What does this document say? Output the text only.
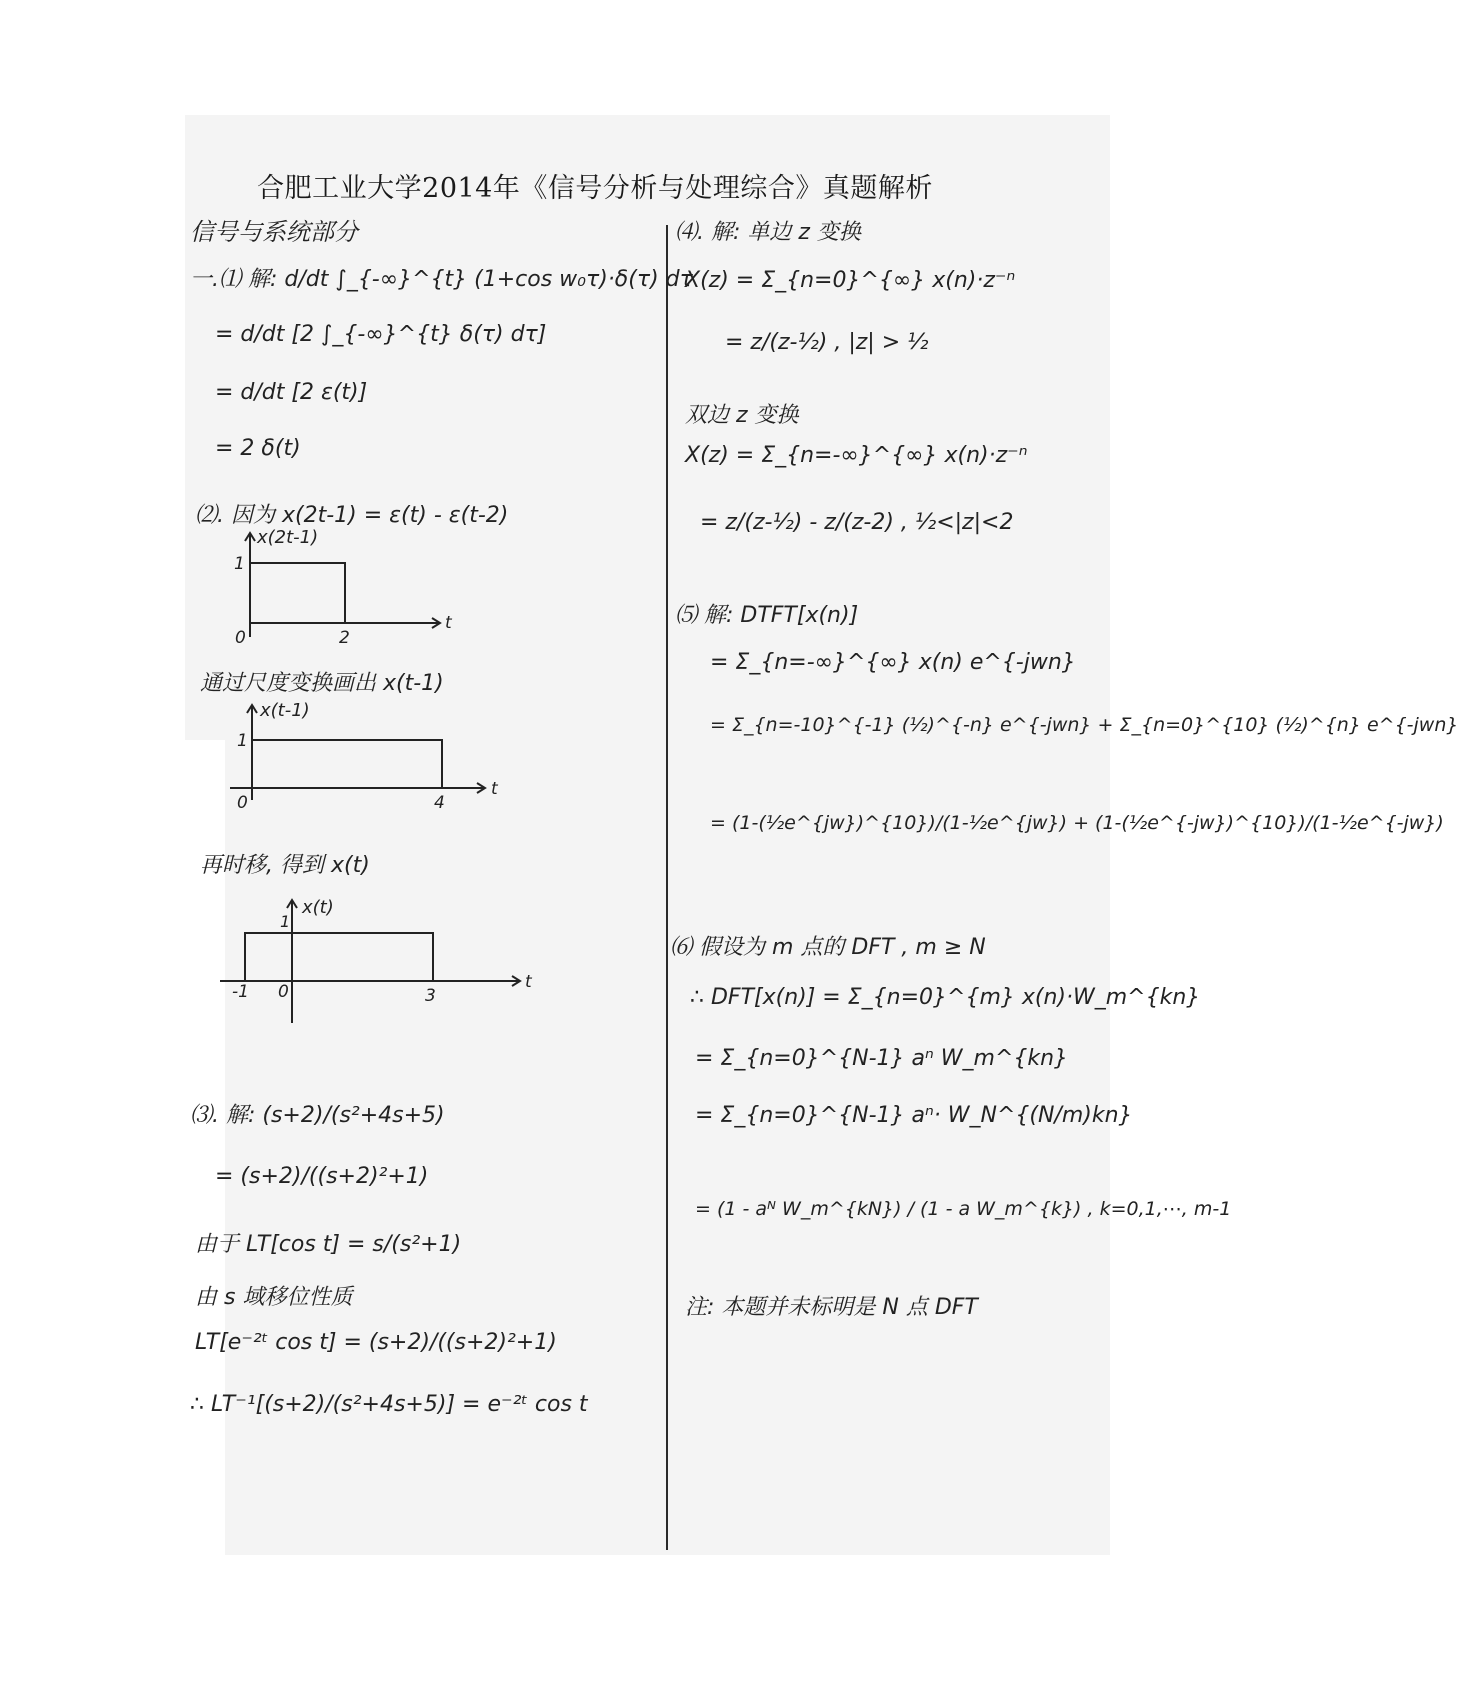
合肥工业大学2014年《信号分析与处理综合》真题解析
信号与系统部分
一.⑴ 解: d/dt ∫_{-∞}^{t} (1+cos w₀τ)·δ(τ) dτ
= d/dt [2 ∫_{-∞}^{t} δ(τ) dτ]
= d/dt [2 ε(t)]
= 2 δ(t)
⑵. 因为 x(2t-1) = ε(t) - ε(t-2)
x(2t-1)
1
0	2
t
通过尺度变换画出 x(t-1)
x(t-1)
1
0	4
t
再时移, 得到 x(t)
x(t)
1
-1 0	3
t
⑶. 解: (s+2)/(s²+4s+5)
= (s+2)/((s+2)²+1)
由于 LT[cos t] = s/(s²+1)
由 s 域移位性质
LT[e⁻²ᵗ cos t] = (s+2)/((s+2)²+1)
∴ LT⁻¹[(s+2)/(s²+4s+5)] = e⁻²ᵗ cos t
⑷. 解: 单边 z 变换
X(z) = Σ_{n=0}^{∞} x(n)·z⁻ⁿ
= z/(z-½) , |z| > ½
双边 z 变换
X(z) = Σ_{n=-∞}^{∞} x(n)·z⁻ⁿ
= z/(z-½) - z/(z-2) , ½<|z|<2
⑸ 解: DTFT[x(n)]
= Σ_{n=-∞}^{∞} x(n) e^{-jwn}
= Σ_{n=-10}^{-1} (½)^{-n} e^{-jwn} + Σ_{n=0}^{10} (½)^{n} e^{-jwn}
= (1-(½e^{jw})^{10})/(1-½e^{jw}) + (1-(½e^{-jw})^{10})/(1-½e^{-jw})
⑹ 假设为 m 点的 DFT , m ≥ N
∴ DFT[x(n)] = Σ_{n=0}^{m} x(n)·W_m^{kn}
= Σ_{n=0}^{N-1} aⁿ W_m^{kn}
= Σ_{n=0}^{N-1} aⁿ· W_N^{(N/m)kn}
= (1 - aᴺ W_m^{kN}) / (1 - a W_m^{k}) , k=0,1,⋯, m-1
注: 本题并未标明是 N 点 DFT
